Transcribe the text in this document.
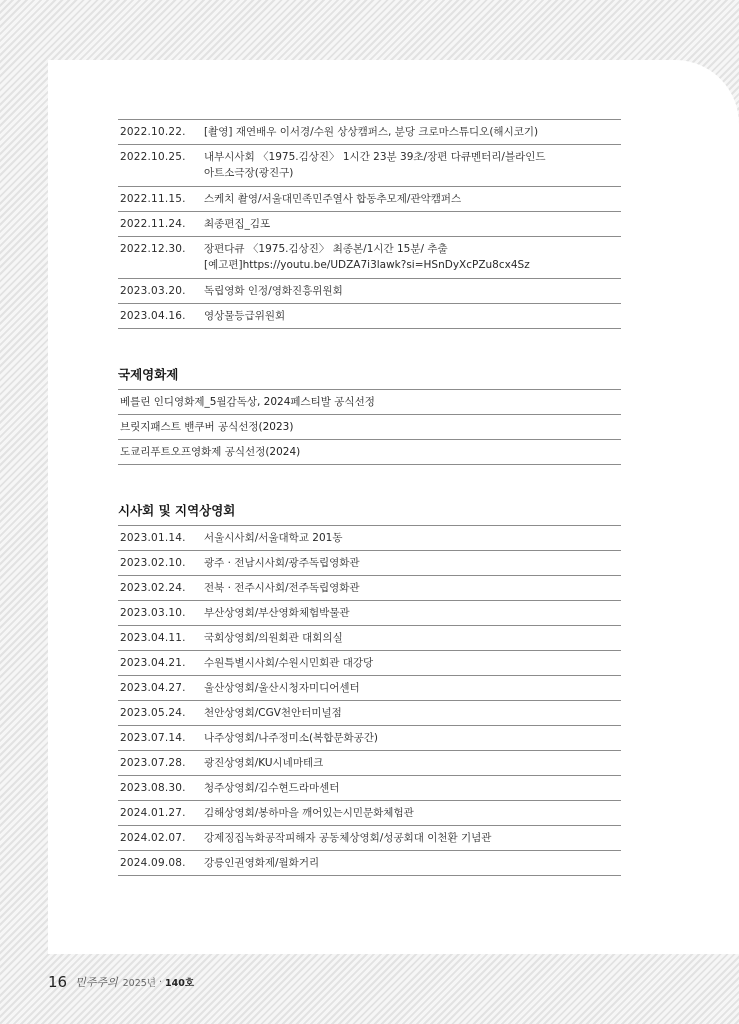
2022.10.22.	[촬영] 재연배우 이서경/수원 상상캠퍼스, 분당 크로마스튜디오(해시코기)
2022.10.25.	내부시사회 〈1975.김상진〉 1시간 23분 39초/장편 다큐멘터리/블라인드
아트소극장(광진구)
2022.11.15.	스케치 촬영/서울대민족민주열사 합동추모제/관악캠퍼스
2022.11.24.	최종편집_김포
2022.12.30.	장편다큐 〈1975.김상진〉 최종본/1시간 15분/ 추출
[예고편]https://youtu.be/UDZA7i3lawk?si=HSnDyXcPZu8cx4Sz
2023.03.20.	독립영화 인정/영화진흥위원회
2023.04.16.	영상물등급위원회
국제영화제
베를린 인디영화제_5월감독상, 2024페스티발 공식선정
브릿지패스트 밴쿠버 공식선정(2023)
도쿄리푸트오프영화제 공식선정(2024)
시사회 및 지역상영회
2023.01.14.	서울시사회/서울대학교 201동
2023.02.10.	광주 · 전남시사회/광주독립영화관
2023.02.24.	전북 · 전주시사회/전주독립영화관
2023.03.10.	부산상영회/부산영화체험박물관
2023.04.11.	국회상영회/의원회관 대회의실
2023.04.21.	수원특별시사회/수원시민회관 대강당
2023.04.27.	울산상영회/울산시청자미디어센터
2023.05.24.	천안상영회/CGV천안터미널점
2023.07.14.	나주상영회/나주정미소(복합문화공간)
2023.07.28.	광진상영회/KU시네마테크
2023.08.30.	청주상영회/김수현드라마센터
2024.01.27.	김해상영회/봉하마을 깨어있는시민문화체험관
2024.02.07.	강제징집녹화공작피해자 공동체상영회/성공회대 이천환 기념관
2024.09.08.	강릉인권영화제/월화거리
16 민주주의 2025년 · 140호
